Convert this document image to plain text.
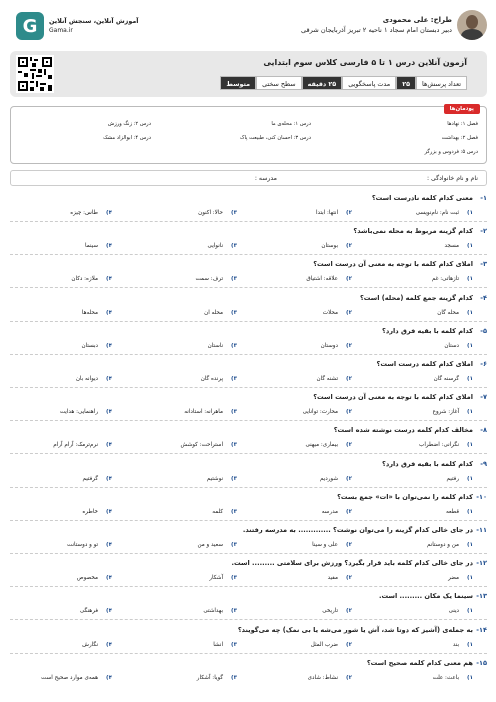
طراح: علی محمودی
دبیر دبستان امام سجاد ۱ ناحیه ۲ تبریز آذربایجان شرقی
G	آموزش آنلاین، سنجش آنلاین
Gama.ir
آزمون آنلاین درس ۱ تا ۵ فارسی کلاس سوم ابتدایی
تعداد پرسش‌ها
۲۵
مدت پاسخگویی
۲۵ دقیقه
سطح سختی
متوسط
پودمان‌ها
فصل ۱: نهادها
درس ۱: محله‌ی ما
درس ۲: زنگ ورزش
فصل ۲: بهداشت
درس ۳: احسان کنی، طبیعت پاک
درس ۴: ابوالزاد مشک
درس ۵: فردوس و بزرگر
نام و نام خانوادگی :
مدرسه :
۱-
معنی کدام کلمه نادرست است؟
۱)ثبت نام: نام‌نویسی
۲)انتها: ابتدا
۳)حالا: اکنون
۴)طاس: چیزه
۲-
کدام گزینه مربوط به محله نمی‌باشد؟
۱)مسجد
۲)بوستان
۳)نانوایی
۴)سینما
۳-
املای کدام کلمه با توجه به معنی آن درست است؟
۱)تازهاتی: غم
۲)علاقه: اشتیاق
۳)ترف: سمت
۴)ملازه: دکان
۴-
کدام گزینه جمع کلمه (محله) است؟
۱)محله گان
۲)محلات
۳)محله ان
۴)محله‌ها
۵-
کدام کلمه با بقیه فرق دارد؟
۱)دستان
۲)دوستان
۳)ناستان
۴)دبستان
۶-
املای کدام کلمه درست است؟
۱)گرسنه گان
۲)تشنه گان
۳)پرنده گان
۴)دیوانه بان
۷-
املای کدام کلمه با توجه به معنی آن درست است؟
۱)آغاز: شروع
۲)محارت: توانایی
۳)ماهرانه: استادانه
۴)راهنمایی: هدایت
۸-
مخالف کدام کلمه درست نوشته شده است؟
۱)نگرانی: اضطراب
۲)بیماری: میهنی
۳)استراحت: کوشش
۴)نرم‌ترمک: آرام آرام
۹-
کدام کلمه با بقیه فرق دارد؟
۱)رفتیم
۲)شوردیم
۳)نوشتیم
۴)گرفتیم
۱۰-
کدام کلمه را نمی‌توان با «ات» جمع بست؟
۱)قطعه
۲)مدرسه
۳)کلمه
۴)خاطره
۱۱-
در جای خالی کدام گزینه را می‌توان نوشت؟ ............. به مدرسه رفتند.
۱)من و دوستانم
۲)علی و سینا
۳)سعید و من
۴)تو و دوستانت
۱۲-
در جای خالی کدام کلمه باید قرار بگیرد؟ ورزش برای سلامتی ......... است.
۱)مضر
۲)مفید
۳)آشکار
۴)مخصوص
۱۳-
سینما یک مکان ......... است.
۱)دینی
۲)تاریخی
۳)بهداشتی
۴)فرهنگی
۱۴-
به جمله‌ی (آشیز که دوتا شد، آش یا شور می‌شه یا بی نمک) چه می‌گویند؟
۱)بند
۲)ضرب المثل
۳)انشا
۴)نگارش
۱۵-
هم معنی کدام کلمه صحیح است؟
۱)باعث: علت
۲)نشاط: شادی
۳)گویا: آشکار
۴)همه‌ی موارد صحیح است
